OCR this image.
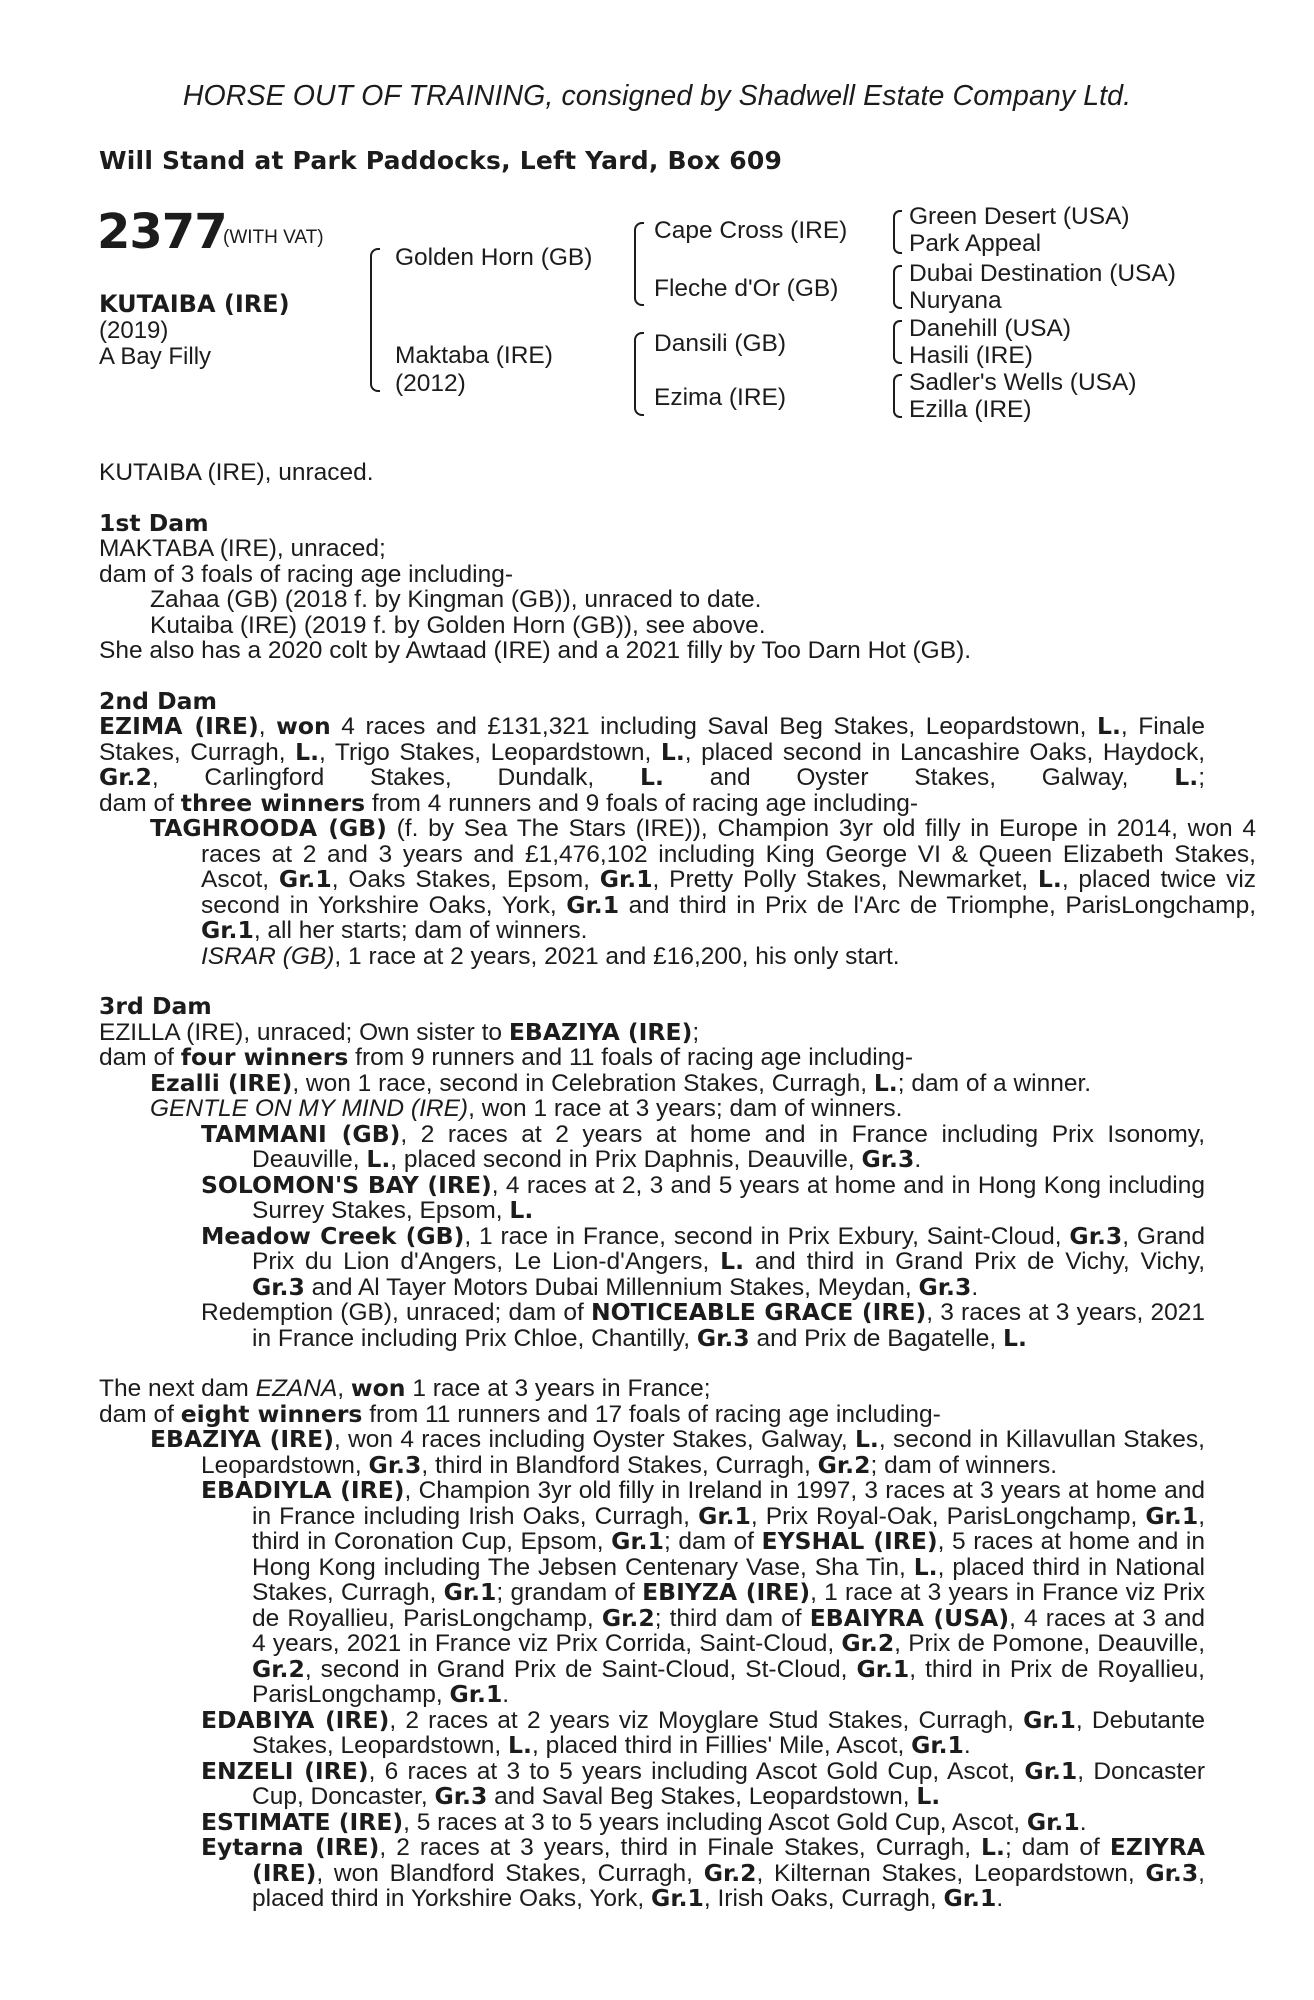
HORSE OUT OF TRAINING, consigned by Shadwell Estate Company Ltd.
Will Stand at Park Paddocks, Left Yard, Box 609
2377
(WITH VAT)
KUTAIBA (IRE)
(2019)
A Bay Filly
Golden Horn (GB)
Maktaba (IRE)
(2012)
Cape Cross (IRE)
Fleche d'Or (GB)
Dansili (GB)
Ezima (IRE)
Green Desert (USA)
Park Appeal
Dubai Destination (USA)
Nuryana
Danehill (USA)
Hasili (IRE)
Sadler's Wells (USA)
Ezilla (IRE)

KUTAIBA (IRE), unraced.

1st Dam

MAKTABA (IRE), unraced;

dam of 3 foals of racing age including-

Zahaa (GB) (2018 f. by Kingman (GB)), unraced to date.

Kutaiba (IRE) (2019 f. by Golden Horn (GB)), see above.

She also has a 2020 colt by Awtaad (IRE) and a 2021 filly by Too Darn Hot (GB).

2nd Dam

EZIMA (IRE), won 4 races and £131,321 including Saval Beg Stakes, Leopardstown, L., Finale Stakes, Curragh, L., Trigo Stakes, Leopardstown, L., placed second in Lancashire Oaks, Haydock, Gr.2, Carlingford Stakes, Dundalk, L. and Oyster Stakes, Galway, L.;

dam of three winners from 4 runners and 9 foals of racing age including-

TAGHROODA (GB) (f. by Sea The Stars (IRE)), Champion 3yr old filly in Europe in 2014, won 4 races at 2 and 3 years and £1,476,102 including King George VI & Queen Elizabeth Stakes, Ascot, Gr.1, Oaks Stakes, Epsom, Gr.1, Pretty Polly Stakes, Newmarket, L., placed twice viz second in Yorkshire Oaks, York, Gr.1 and third in Prix de l'Arc de Triomphe, ParisLongchamp, Gr.1, all her starts; dam of winners.

ISRAR (GB), 1 race at 2 years, 2021 and £16,200, his only start.

3rd Dam

EZILLA (IRE), unraced; Own sister to EBAZIYA (IRE);

dam of four winners from 9 runners and 11 foals of racing age including-

Ezalli (IRE), won 1 race, second in Celebration Stakes, Curragh, L.; dam of a winner.

GENTLE ON MY MIND (IRE), won 1 race at 3 years; dam of winners.

TAMMANI (GB), 2 races at 2 years at home and in France including Prix Isonomy, Deauville, L., placed second in Prix Daphnis, Deauville, Gr.3.

SOLOMON'S BAY (IRE), 4 races at 2, 3 and 5 years at home and in Hong Kong including Surrey Stakes, Epsom, L.

Meadow Creek (GB), 1 race in France, second in Prix Exbury, Saint-Cloud, Gr.3, Grand Prix du Lion d'Angers, Le Lion-d'Angers, L. and third in Grand Prix de Vichy, Vichy, Gr.3 and Al Tayer Motors Dubai Millennium Stakes, Meydan, Gr.3.

Redemption (GB), unraced; dam of NOTICEABLE GRACE (IRE), 3 races at 3 years, 2021 in France including Prix Chloe, Chantilly, Gr.3 and Prix de Bagatelle, L.

The next dam EZANA, won 1 race at 3 years in France;

dam of eight winners from 11 runners and 17 foals of racing age including-

EBAZIYA (IRE), won 4 races including Oyster Stakes, Galway, L., second in Killavullan Stakes, Leopardstown, Gr.3, third in Blandford Stakes, Curragh, Gr.2; dam of winners.

EBADIYLA (IRE), Champion 3yr old filly in Ireland in 1997, 3 races at 3 years at home and in France including Irish Oaks, Curragh, Gr.1, Prix Royal-Oak, ParisLongchamp, Gr.1, third in Coronation Cup, Epsom, Gr.1; dam of EYSHAL (IRE), 5 races at home and in Hong Kong including The Jebsen Centenary Vase, Sha Tin, L., placed third in National Stakes, Curragh, Gr.1; grandam of EBIYZA (IRE), 1 race at 3 years in France viz Prix de Royallieu, ParisLongchamp, Gr.2; third dam of EBAIYRA (USA), 4 races at 3 and 4 years, 2021 in France viz Prix Corrida, Saint-Cloud, Gr.2, Prix de Pomone, Deauville, Gr.2, second in Grand Prix de Saint-Cloud, St-Cloud, Gr.1, third in Prix de Royallieu, ParisLongchamp, Gr.1.

EDABIYA (IRE), 2 races at 2 years viz Moyglare Stud Stakes, Curragh, Gr.1, Debutante Stakes, Leopardstown, L., placed third in Fillies' Mile, Ascot, Gr.1.

ENZELI (IRE), 6 races at 3 to 5 years including Ascot Gold Cup, Ascot, Gr.1, Doncaster Cup, Doncaster, Gr.3 and Saval Beg Stakes, Leopardstown, L.

ESTIMATE (IRE), 5 races at 3 to 5 years including Ascot Gold Cup, Ascot, Gr.1.

Eytarna (IRE), 2 races at 3 years, third in Finale Stakes, Curragh, L.; dam of EZIYRA (IRE), won Blandford Stakes, Curragh, Gr.2, Kilternan Stakes, Leopardstown, Gr.3, placed third in Yorkshire Oaks, York, Gr.1, Irish Oaks, Curragh, Gr.1.
